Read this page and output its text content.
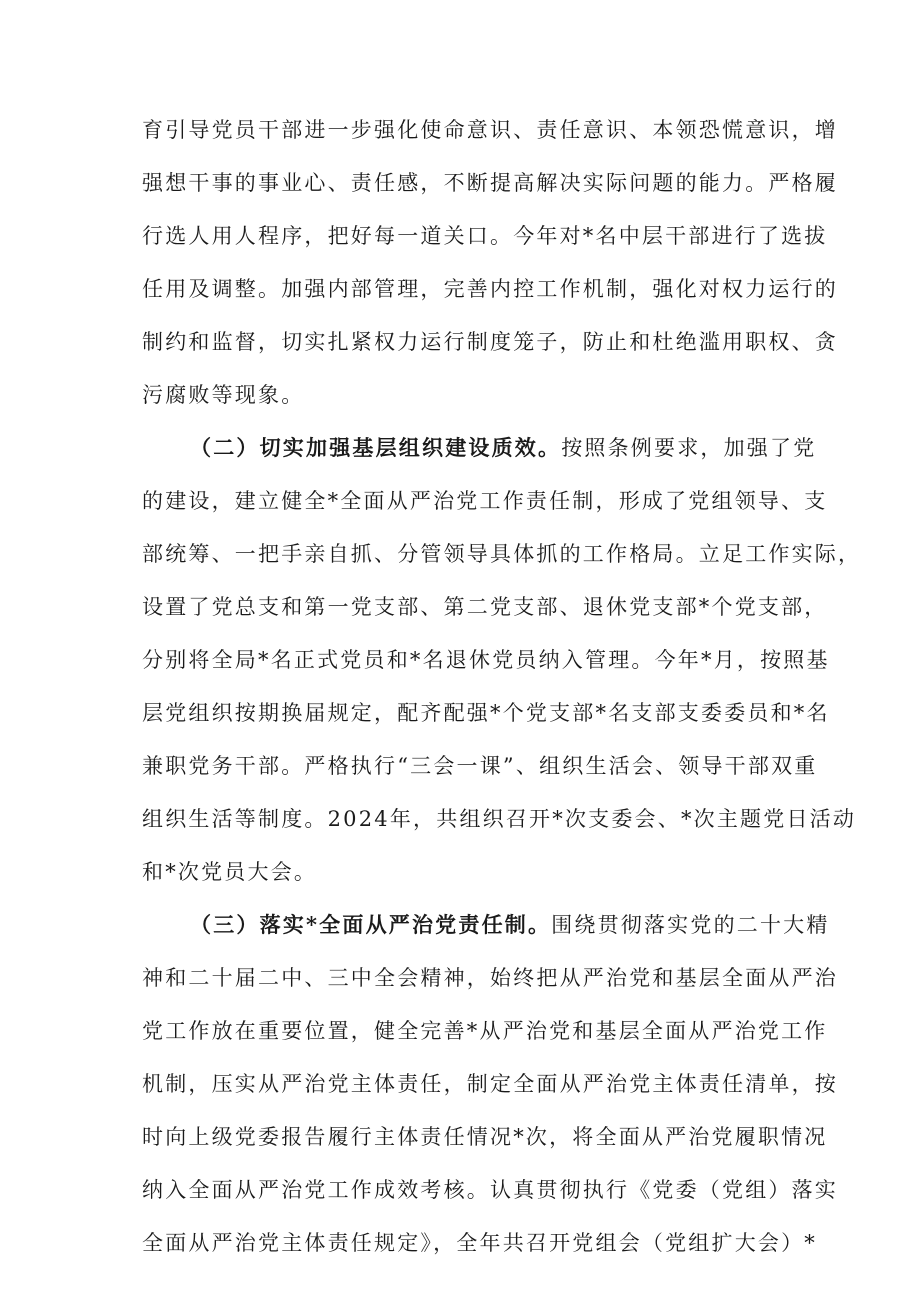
育引导党员干部进一步强化使命意识、责任意识、本领恐慌意识，增
强想干事的事业心、责任感，不断提高解决实际问题的能力。严格履
行选人用人程序，把好每一道关口。今年对*名中层干部进行了选拔
任用及调整。加强内部管理，完善内控工作机制，强化对权力运行的
制约和监督，切实扎紧权力运行制度笼子，防止和杜绝滥用职权、贪
污腐败等现象。
（二）切实加强基层组织建设质效。按照条例要求，加强了党
的建设，建立健全*全面从严治党工作责任制，形成了党组领导、支
部统筹、一把手亲自抓、分管领导具体抓的工作格局。立足工作实际，
设置了党总支和第一党支部、第二党支部、退休党支部*个党支部，
分别将全局*名正式党员和*名退休党员纳入管理。今年*月，按照基
层党组织按期换届规定，配齐配强*个党支部*名支部支委委员和*名
兼职党务干部。严格执行“三会一课”、组织生活会、领导干部双重
组织生活等制度。2024年，共组织召开*次支委会、*次主题党日活动
和*次党员大会。
（三）落实*全面从严治党责任制。围绕贯彻落实党的二十大精
神和二十届二中、三中全会精神，始终把从严治党和基层全面从严治
党工作放在重要位置，健全完善*从严治党和基层全面从严治党工作
机制，压实从严治党主体责任，制定全面从严治党主体责任清单，按
时向上级党委报告履行主体责任情况*次，将全面从严治党履职情况
纳入全面从严治党工作成效考核。认真贯彻执行《党委（党组）落实
全面从严治党主体责任规定》，全年共召开党组会（党组扩大会）*
